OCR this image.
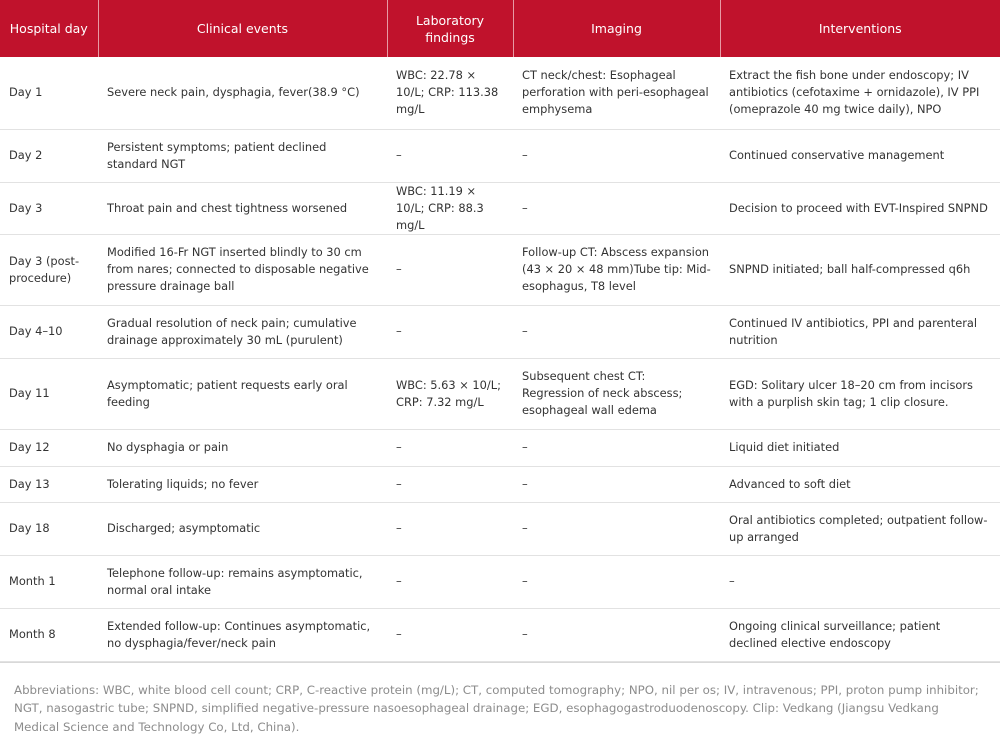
Hospital day	Clinical events	Laboratory findings	Imaging	Interventions
Day 1	Severe neck pain, dysphagia, fever(38.9 °C)	WBC: 22.78 × 10/L; CRP: 113.38 mg/L	CT neck/chest: Esophageal perforation with peri-esophageal emphysema	Extract the fish bone under endoscopy; IV antibiotics (cefotaxime + ornidazole), IV PPI (omeprazole 40 mg twice daily), NPO
Day 2	Persistent symptoms; patient declined standard NGT	–	–	Continued conservative management
Day 3	Throat pain and chest tightness worsened	WBC: 11.19 × 10/L; CRP: 88.3 mg/L	–	Decision to proceed with EVT-Inspired SNPND
Day 3 (post-procedure)	Modified 16-Fr NGT inserted blindly to 30 cm from nares; connected to disposable negative pressure drainage ball	–	Follow-up CT: Abscess expansion (43 × 20 × 48 mm)Tube tip: Mid-esophagus, T8 level	SNPND initiated; ball half-compressed q6h
Day 4–10	Gradual resolution of neck pain; cumulative drainage approximately 30 mL (purulent)	–	–	Continued IV antibiotics, PPI and parenteral nutrition
Day 11	Asymptomatic; patient requests early oral feeding	WBC: 5.63 × 10/L; CRP: 7.32 mg/L	Subsequent chest CT: Regression of neck abscess; esophageal wall edema	EGD: Solitary ulcer 18–20 cm from incisors with a purplish skin tag; 1 clip closure.
Day 12	No dysphagia or pain	–	–	Liquid diet initiated
Day 13	Tolerating liquids; no fever	–	–	Advanced to soft diet
Day 18	Discharged; asymptomatic	–	–	Oral antibiotics completed; outpatient follow-up arranged
Month 1	Telephone follow-up: remains asymptomatic, normal oral intake	–	–	–
Month 8	Extended follow-up: Continues asymptomatic, no dysphagia/fever/neck pain	–	–	Ongoing clinical surveillance; patient declined elective endoscopy
Abbreviations: WBC, white blood cell count; CRP, C-reactive protein (mg/L); CT, computed tomography; NPO, nil per os; IV, intravenous; PPI, proton pump inhibitor; NGT, nasogastric tube; SNPND, simplified negative-pressure nasoesophageal drainage; EGD, esophagogastroduodenoscopy. Clip: Vedkang (Jiangsu Vedkang Medical Science and Technology Co, Ltd, China).
